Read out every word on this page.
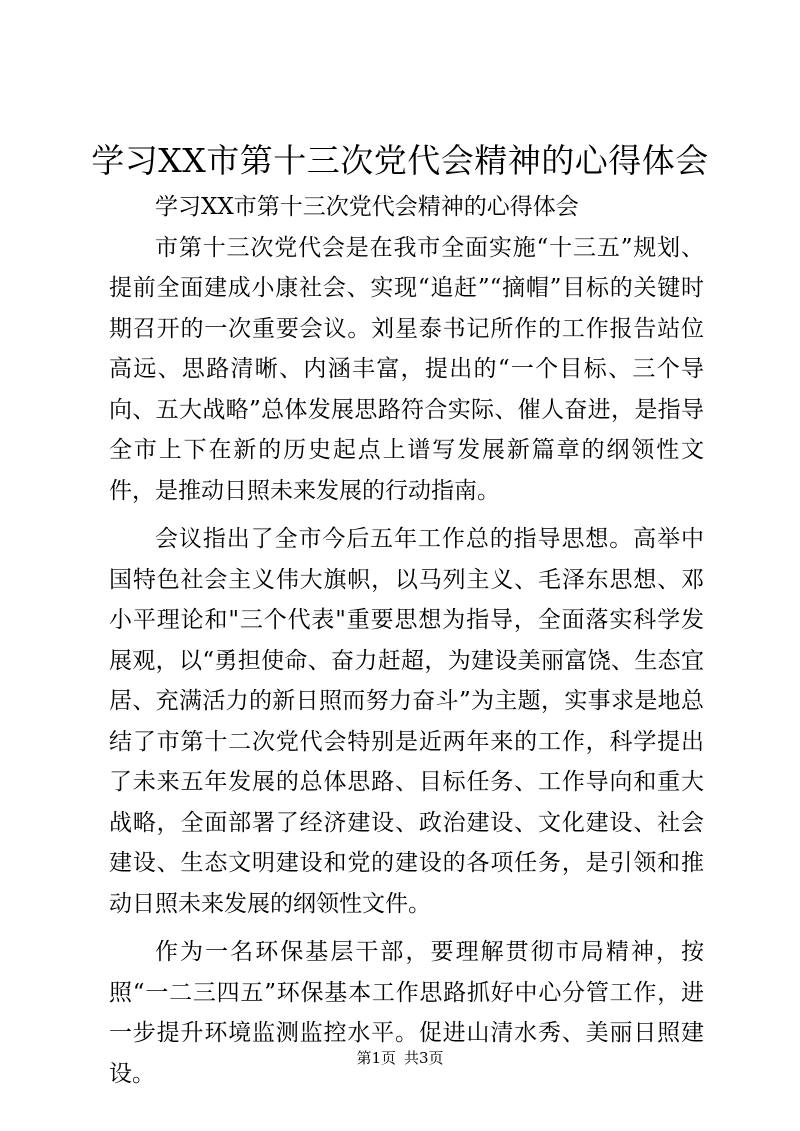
学习XX市第十三次党代会精神的心得体会

学习XX市第十三次党代会精神的心得体会

市第十三次党代会是在我市全面实施“十三五”规划、提前全面建成小康社会、实现“追赶”“摘帽”目标的关键时期召开的一次重要会议。刘星泰书记所作的工作报告站位高远、思路清晰、内涵丰富，提出的“一个目标、三个导向、五大战略”总体发展思路符合实际、催人奋进，是指导全市上下在新的历史起点上谱写发展新篇章的纲领性文件，是推动日照未来发展的行动指南。

会议指出了全市今后五年工作总的指导思想。高举中国特色社会主义伟大旗帜，以马列主义、毛泽东思想、邓小平理论和"三个代表"重要思想为指导，全面落实科学发展观，以“勇担使命、奋力赶超，为建设美丽富饶、生态宜居、充满活力的新日照而努力奋斗”为主题，实事求是地总结了市第十二次党代会特别是近两年来的工作，科学提出了未来五年发展的总体思路、目标任务、工作导向和重大战略，全面部署了经济建设、政治建设、文化建设、社会建设、生态文明建设和党的建设的各项任务，是引领和推动日照未来发展的纲领性文件。

作为一名环保基层干部，要理解贯彻市局精神，按照“一二三四五”环保基本工作思路抓好中心分管工作，进一步提升环境监测监控水平。促进山清水秀、美丽日照建设。

第1页 共3页
